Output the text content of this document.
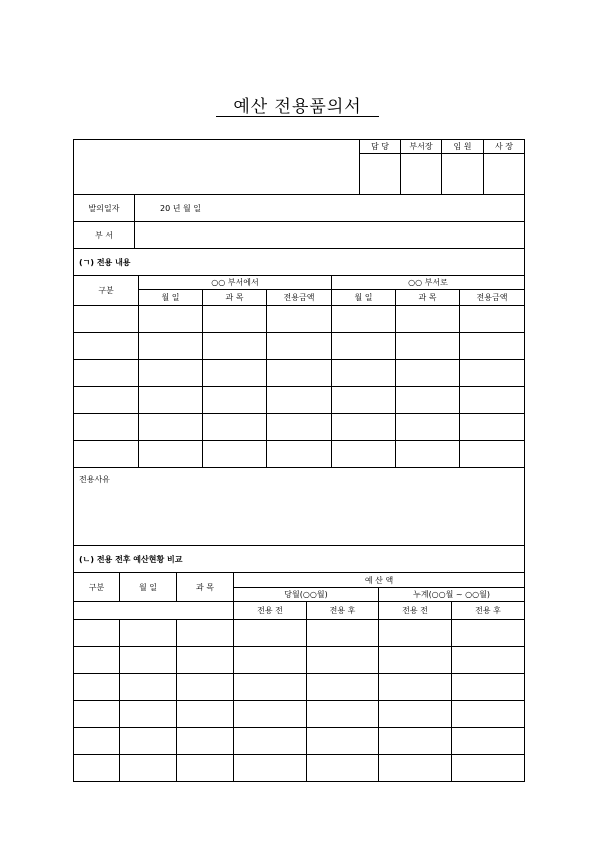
예산 전용품의서
		담 당	부서장	임 원	사 장

발의일자	20 년 월 일				
부 서					
(ㄱ) 전용 내용						
구분	○○ 부서에서			○○ 부서로		
	월 일	과 목	전용금액	월 일	과 목	전용금액

전용사유						
(ㄴ) 전용 전후 예산현황 비교						
구분	월 일	과 목	예 산 액			
			당월(○○월)		누계(○○월 ~ ○○월)	
			전용 전	전용 후	전용 전	전용 후
